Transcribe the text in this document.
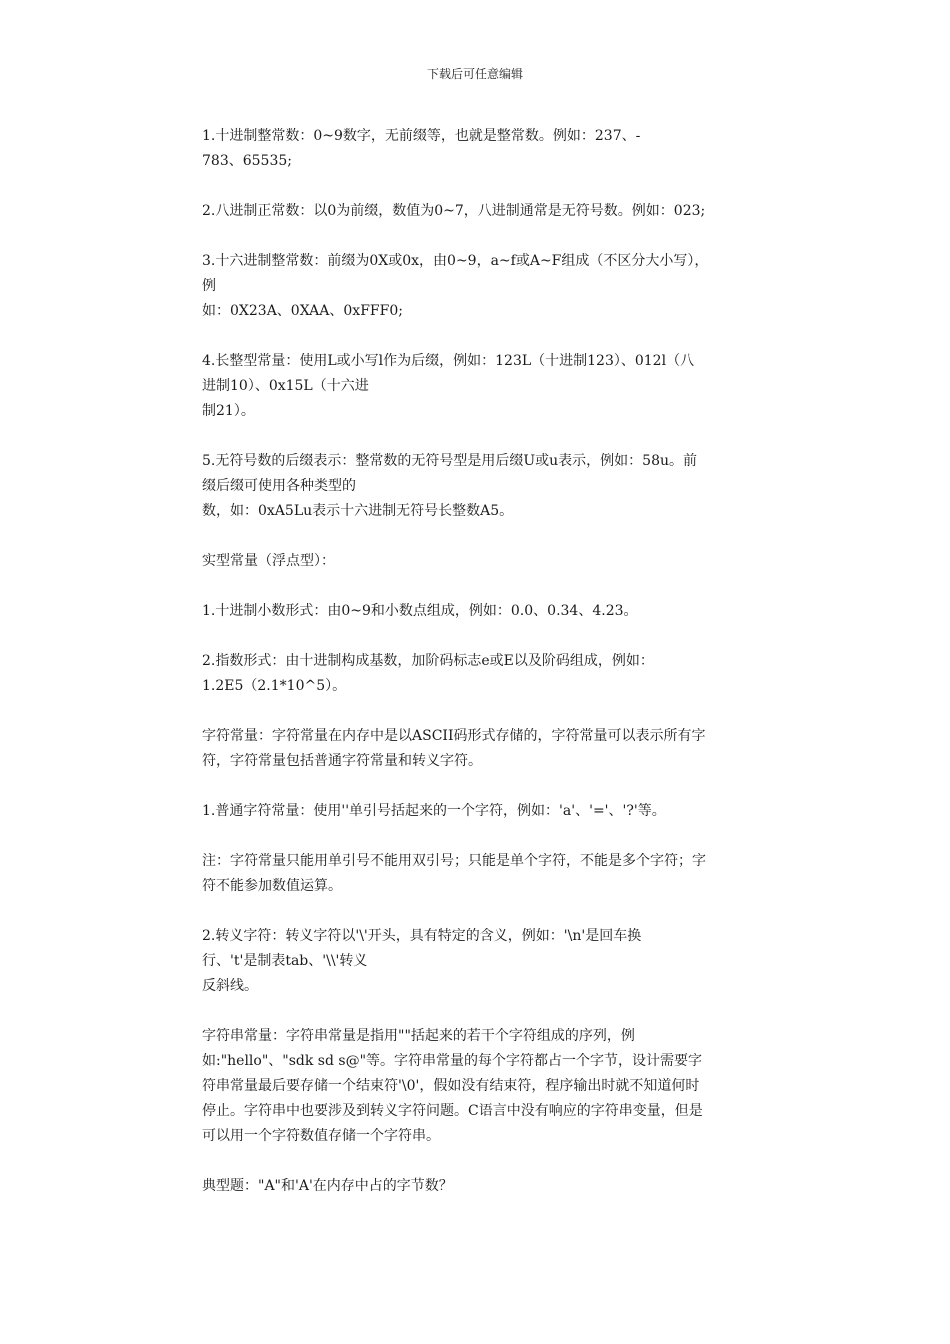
下载后可任意编辑
1.十进制整常数：0~9数字，无前缀等，也就是整常数。例如：237、-
783、65535;
2.八进制正常数：以0为前缀，数值为0~7，八进制通常是无符号数。例如：023;
3.十六进制整常数：前缀为0X或0x，由0~9，a~f或A~F组成（不区分大小写），
例
如：0X23A、0XAA、0xFFF0;
4.长整型常量：使用L或小写l作为后缀，例如：123L（十进制123）、012l（八
进制10）、0x15L（十六进
制21）。
5.无符号数的后缀表示：整常数的无符号型是用后缀U或u表示，例如：58u。前
缀后缀可使用各种类型的
数，如：0xA5Lu表示十六进制无符号长整数A5。
实型常量（浮点型）：
1.十进制小数形式：由0~9和小数点组成，例如：0.0、0.34、4.23。
2.指数形式：由十进制构成基数，加阶码标志e或E以及阶码组成，例如：
1.2E5（2.1*10^5）。
字符常量：字符常量在内存中是以ASCII码形式存储的，字符常量可以表示所有字
符，字符常量包括普通字符常量和转义字符。
1.普通字符常量：使用''单引号括起来的一个字符，例如：'a'、'='、'?'等。
注：字符常量只能用单引号不能用双引号；只能是单个字符，不能是多个字符；字
符不能参加数值运算。
2.转义字符：转义字符以'\'开头，具有特定的含义，例如：'\n'是回车换
行、't'是制表tab、'\\'转义
反斜线。
字符串常量：字符串常量是指用""括起来的若干个字符组成的序列，例
如:"hello"、"sdk sd s@"等。字符串常量的每个字符都占一个字节，设计需要字
符串常量最后要存储一个结束符'\0'，假如没有结束符，程序输出时就不知道何时
停止。字符串中也要涉及到转义字符问题。C语言中没有响应的字符串变量，但是
可以用一个字符数值存储一个字符串。
典型题："A"和'A'在内存中占的字节数？
